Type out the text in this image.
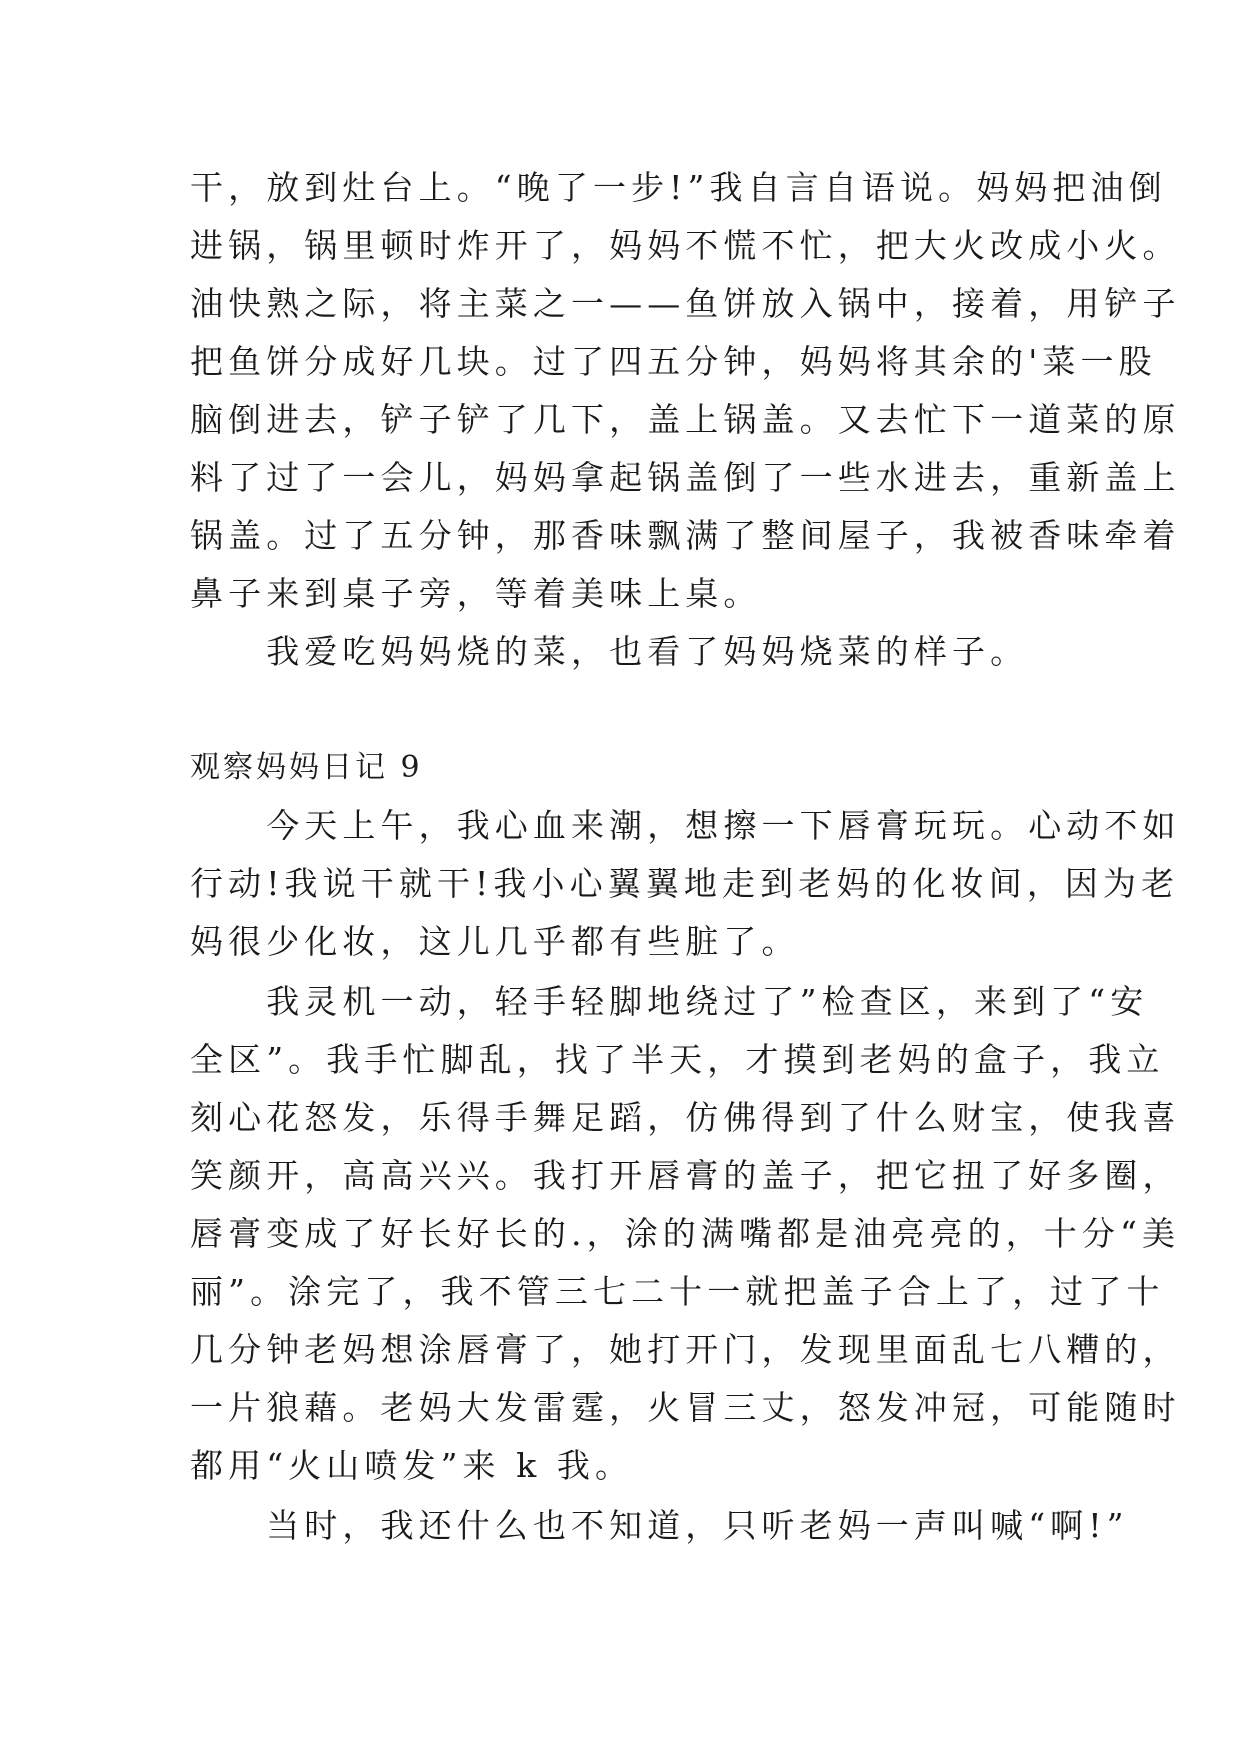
干，放到灶台上。“晚了一步!”我自言自语说。妈妈把油倒
进锅，锅里顿时炸开了，妈妈不慌不忙，把大火改成小火。
油快熟之际，将主菜之一——鱼饼放入锅中，接着，用铲子
把鱼饼分成好几块。过了四五分钟，妈妈将其余的'菜一股
脑倒进去，铲子铲了几下，盖上锅盖。又去忙下一道菜的原
料了过了一会儿，妈妈拿起锅盖倒了一些水进去，重新盖上
锅盖。过了五分钟，那香味飘满了整间屋子，我被香味牵着
鼻子来到桌子旁，等着美味上桌。
　　我爱吃妈妈烧的菜，也看了妈妈烧菜的样子。
观察妈妈日记 9
　　今天上午，我心血来潮，想擦一下唇膏玩玩。心动不如
行动!我说干就干!我小心翼翼地走到老妈的化妆间，因为老
妈很少化妆，这儿几乎都有些脏了。
　　我灵机一动，轻手轻脚地绕过了”检查区，来到了“安
全区”。我手忙脚乱，找了半天，才摸到老妈的盒子，我立
刻心花怒发，乐得手舞足蹈，仿佛得到了什么财宝，使我喜
笑颜开，高高兴兴。我打开唇膏的盖子，把它扭了好多圈，
唇膏变成了好长好长的.，涂的满嘴都是油亮亮的，十分“美
丽”。涂完了，我不管三七二十一就把盖子合上了，过了十
几分钟老妈想涂唇膏了，她打开门，发现里面乱七八糟的，
一片狼藉。老妈大发雷霆，火冒三丈，怒发冲冠，可能随时
都用“火山喷发”来 k 我。
　　当时，我还什么也不知道，只听老妈一声叫喊“啊!”
